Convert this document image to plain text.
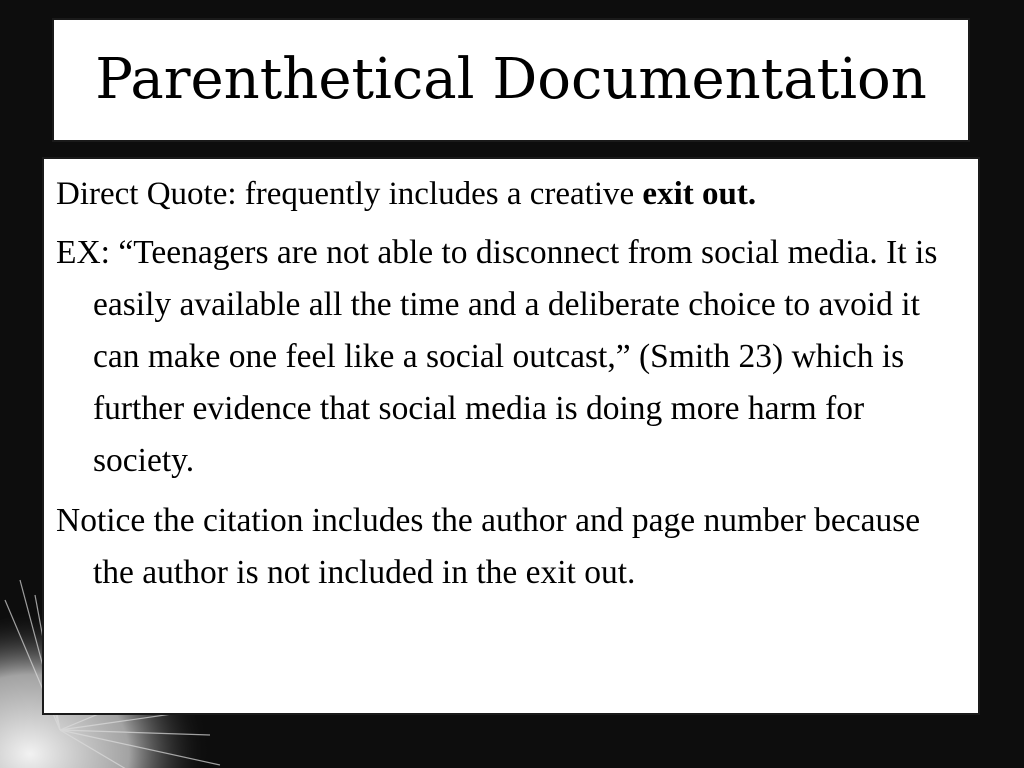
Parenthetical Documentation

Direct Quote: frequently includes a creative exit out.

EX: “Teenagers are not able to disconnect from social media. It is easily available all the time and a deliberate choice to avoid it can make one feel like a social outcast,” (Smith 23) which is further evidence that social media is doing more harm for society.

Notice the citation includes the author and page number because the author is not included in the exit out.
